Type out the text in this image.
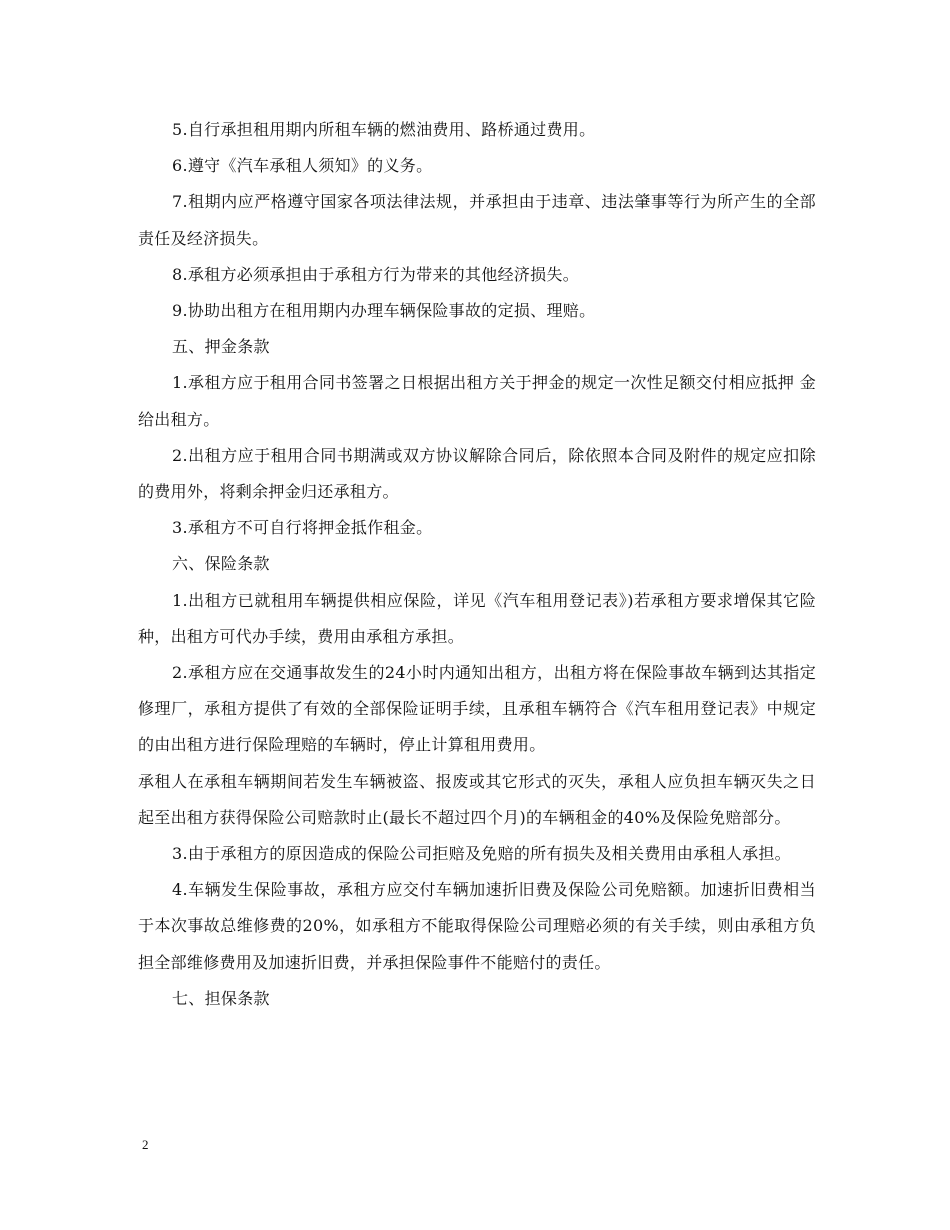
5.自行承担租用期内所租车辆的燃油费用、路桥通过费用。

6.遵守《汽车承租人须知》的义务。

7.租期内应严格遵守国家各项法律法规，并承担由于违章、违法肇事等行为所产生的全部责任及经济损失。

8.承租方必须承担由于承租方行为带来的其他经济损失。

9.协助出租方在租用期内办理车辆保险事故的定损、理赔。

五、押金条款

1.承租方应于租用合同书签署之日根据出租方关于押金的规定一次性足额交付相应抵押 金给出租方。

2.出租方应于租用合同书期满或双方协议解除合同后，除依照本合同及附件的规定应扣除的费用外，将剩余押金归还承租方。

3.承租方不可自行将押金抵作租金。

六、保险条款

1.出租方已就租用车辆提供相应保险，详见《汽车租用登记表》)若承租方要求增保其它险种，出租方可代办手续，费用由承租方承担。

2.承租方应在交通事故发生的24小时内通知出租方，出租方将在保险事故车辆到达其指定修理厂，承租方提供了有效的全部保险证明手续，且承租车辆符合《汽车租用登记表》中规定的由出租方进行保险理赔的车辆时，停止计算租用费用。

承租人在承租车辆期间若发生车辆被盗、报废或其它形式的灭失，承租人应负担车辆灭失之日起至出租方获得保险公司赔款时止(最长不超过四个月)的车辆租金的40%及保险免赔部分。

3.由于承租方的原因造成的保险公司拒赔及免赔的所有损失及相关费用由承租人承担。

4.车辆发生保险事故，承租方应交付车辆加速折旧费及保险公司免赔额。加速折旧费相当于本次事故总维修费的20%，如承租方不能取得保险公司理赔必须的有关手续，则由承租方负担全部维修费用及加速折旧费，并承担保险事件不能赔付的责任。

七、担保条款

2
